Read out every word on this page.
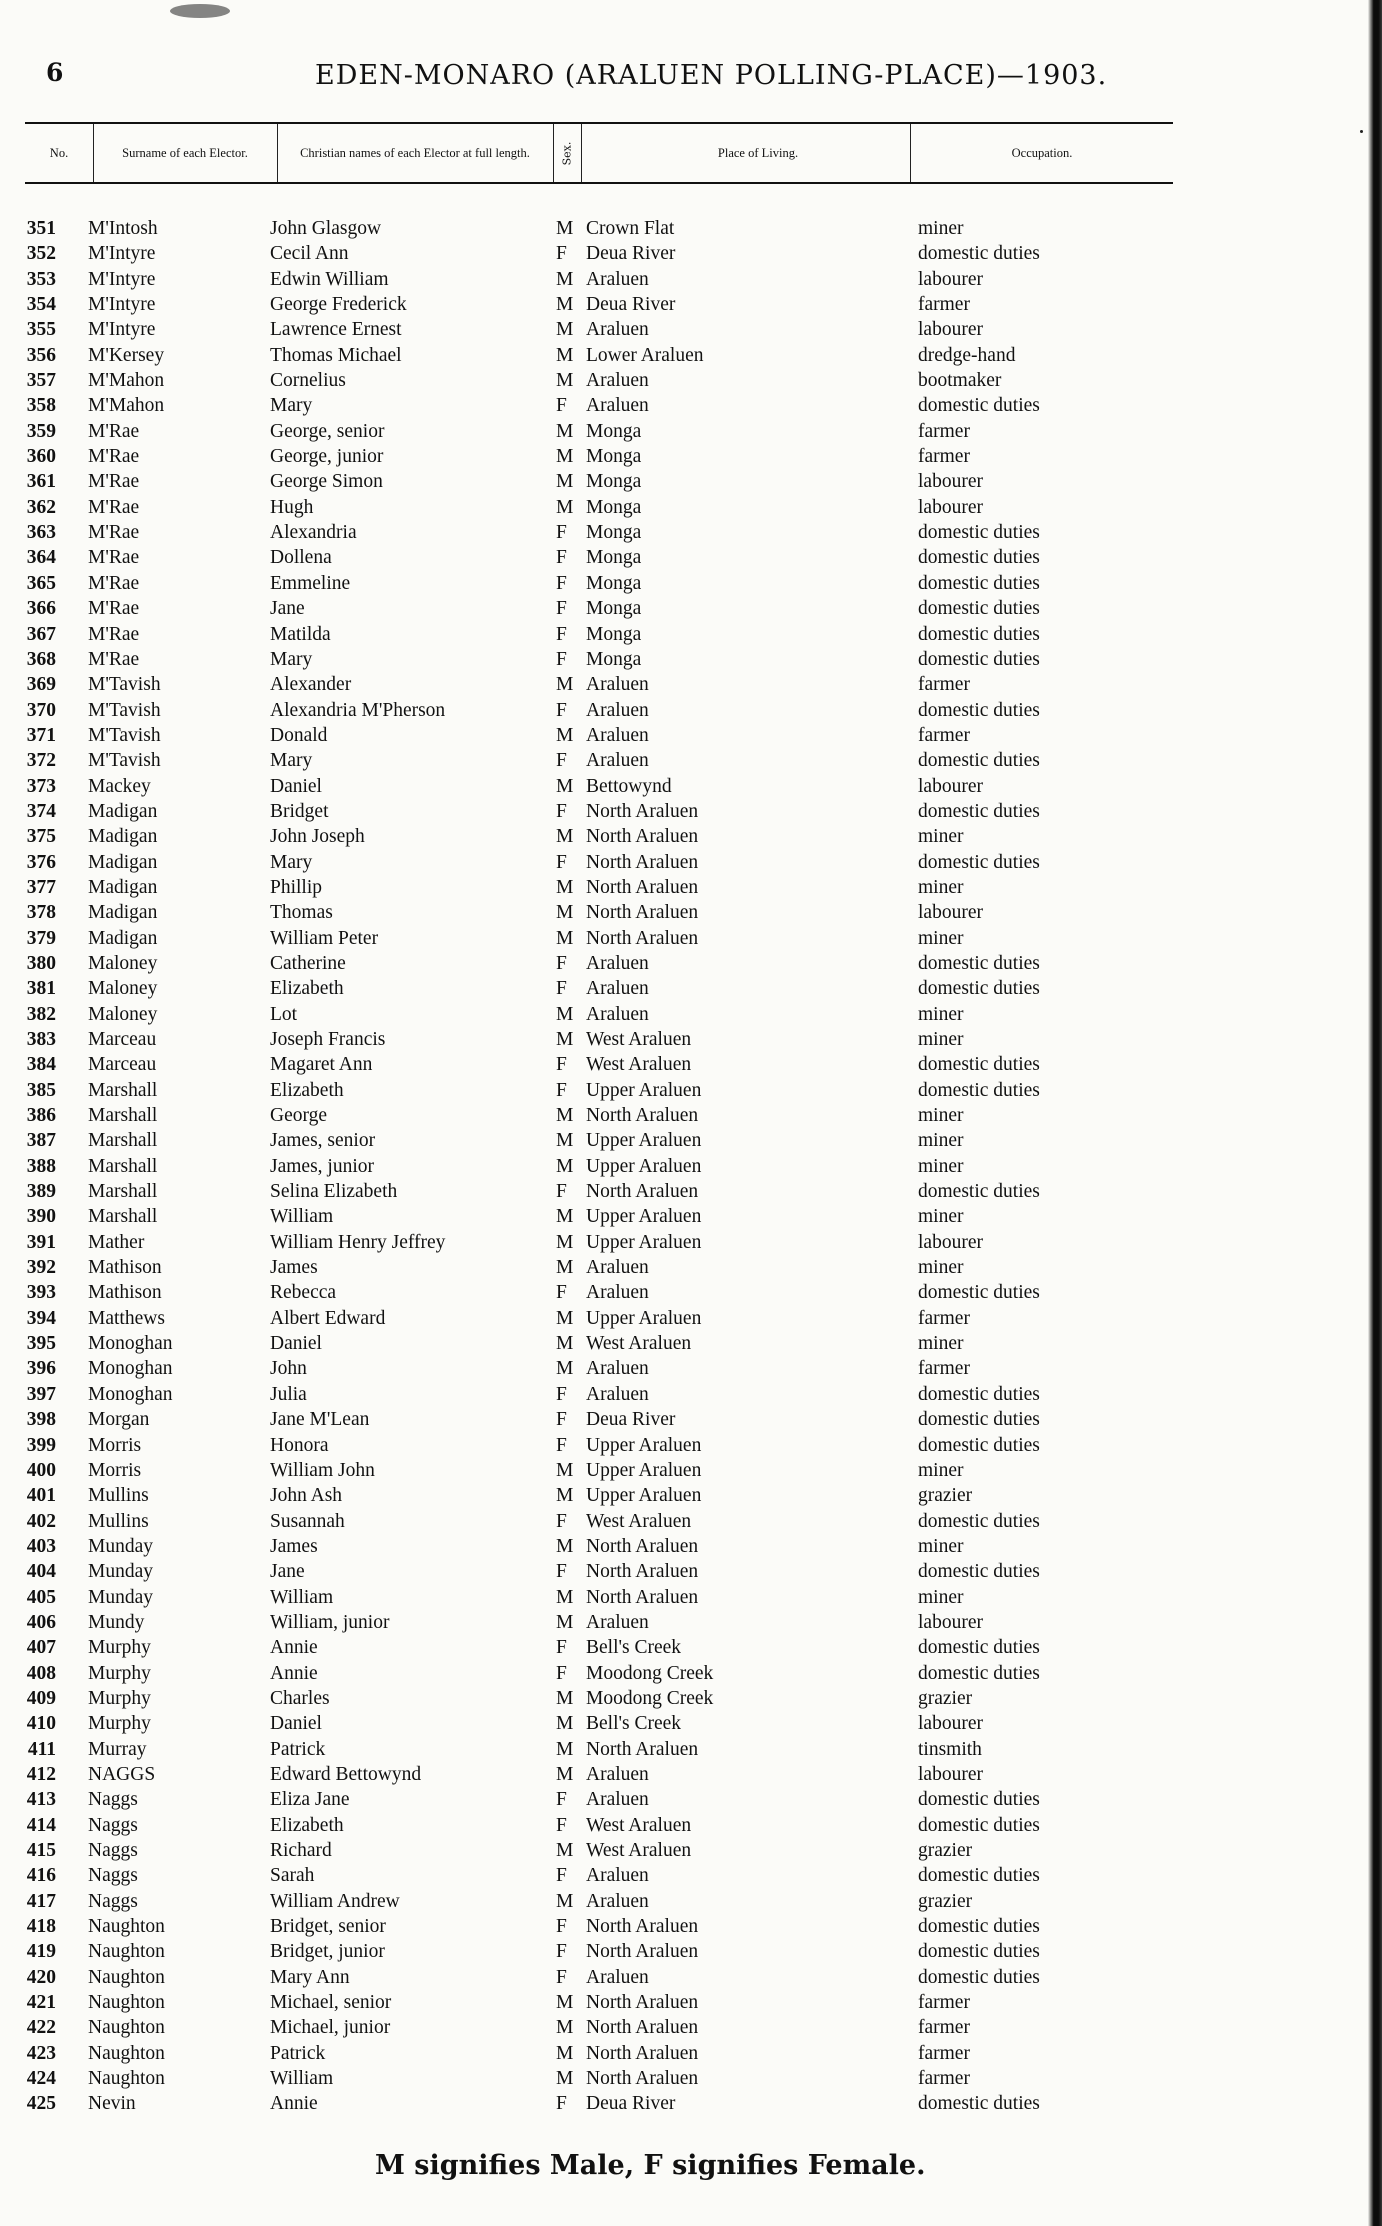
6	EDEN-MONARO (ARALUEN POLLING-PLACE)—1903.
No.	Surname of each Elector.	Christian names of each Elector at full length.	Sex.	Place of Living.	Occupation.
351 M'Intosh	John Glasgow	M Crown Flat	miner
352 M'Intyre	Cecil Ann	F Deua River	domestic duties
353 M'Intyre	Edwin William	M Araluen	labourer
354 M'Intyre	George Frederick	M Deua River	farmer
355 M'Intyre	Lawrence Ernest	M Araluen	labourer
356 M'Kersey	Thomas Michael	M Lower Araluen	dredge-hand
357 M'Mahon	Cornelius	M Araluen	bootmaker
358 M'Mahon	Mary	F Araluen	domestic duties
359 M'Rae	George, senior	M Monga	farmer
360 M'Rae	George, junior	M Monga	farmer
361 M'Rae	George Simon	M Monga	labourer
362 M'Rae	Hugh	M Monga	labourer
363 M'Rae	Alexandria	F Monga	domestic duties
364 M'Rae	Dollena	F Monga	domestic duties
365 M'Rae	Emmeline	F Monga	domestic duties
366 M'Rae	Jane	F Monga	domestic duties
367 M'Rae	Matilda	F Monga	domestic duties
368 M'Rae	Mary	F Monga	domestic duties
369 M'Tavish	Alexander	M Araluen	farmer
370 M'Tavish	Alexandria M'Pherson	F Araluen	domestic duties
371 M'Tavish	Donald	M Araluen	farmer
372 M'Tavish	Mary	F Araluen	domestic duties
373 Mackey	Daniel	M Bettowynd	labourer
374 Madigan	Bridget	F North Araluen	domestic duties
375 Madigan	John Joseph	M North Araluen	miner
376 Madigan	Mary	F North Araluen	domestic duties
377 Madigan	Phillip	M North Araluen	miner
378 Madigan	Thomas	M North Araluen	labourer
379 Madigan	William Peter	M North Araluen	miner
380 Maloney	Catherine	F Araluen	domestic duties
381 Maloney	Elizabeth	F Araluen	domestic duties
382 Maloney	Lot	M Araluen	miner
383 Marceau	Joseph Francis	M West Araluen	miner
384 Marceau	Magaret Ann	F West Araluen	domestic duties
385 Marshall	Elizabeth	F Upper Araluen	domestic duties
386 Marshall	George	M North Araluen	miner
387 Marshall	James, senior	M Upper Araluen	miner
388 Marshall	James, junior	M Upper Araluen	miner
389 Marshall	Selina Elizabeth	F North Araluen	domestic duties
390 Marshall	William	M Upper Araluen	miner
391 Mather	William Henry Jeffrey	M Upper Araluen	labourer
392 Mathison	James	M Araluen	miner
393 Mathison	Rebecca	F Araluen	domestic duties
394 Matthews	Albert Edward	M Upper Araluen	farmer
395 Monoghan	Daniel	M West Araluen	miner
396 Monoghan	John	M Araluen	farmer
397 Monoghan	Julia	F Araluen	domestic duties
398 Morgan	Jane M'Lean	F Deua River	domestic duties
399 Morris	Honora	F Upper Araluen	domestic duties
400 Morris	William John	M Upper Araluen	miner
401 Mullins	John Ash	M Upper Araluen	grazier
402 Mullins	Susannah	F West Araluen	domestic duties
403 Munday	James	M North Araluen	miner
404 Munday	Jane	F North Araluen	domestic duties
405 Munday	William	M North Araluen	miner
406 Mundy	William, junior	M Araluen	labourer
407 Murphy	Annie	F Bell's Creek	domestic duties
408 Murphy	Annie	F Moodong Creek	domestic duties
409 Murphy	Charles	M Moodong Creek	grazier
410 Murphy	Daniel	M Bell's Creek	labourer
411 Murray	Patrick	M North Araluen	tinsmith
412 NAGGS	Edward Bettowynd	M Araluen	labourer
413 Naggs	Eliza Jane	F Araluen	domestic duties
414 Naggs	Elizabeth	F West Araluen	domestic duties
415 Naggs	Richard	M West Araluen	grazier
416 Naggs	Sarah	F Araluen	domestic duties
417 Naggs	William Andrew	M Araluen	grazier
418 Naughton	Bridget, senior	F North Araluen	domestic duties
419 Naughton	Bridget, junior	F North Araluen	domestic duties
420 Naughton	Mary Ann	F Araluen	domestic duties
421 Naughton	Michael, senior	M North Araluen	farmer
422 Naughton	Michael, junior	M North Araluen	farmer
423 Naughton	Patrick	M North Araluen	farmer
424 Naughton	William	M North Araluen	farmer
425 Nevin	Annie	F Deua River	domestic duties
M signifies Male, F signifies Female.
